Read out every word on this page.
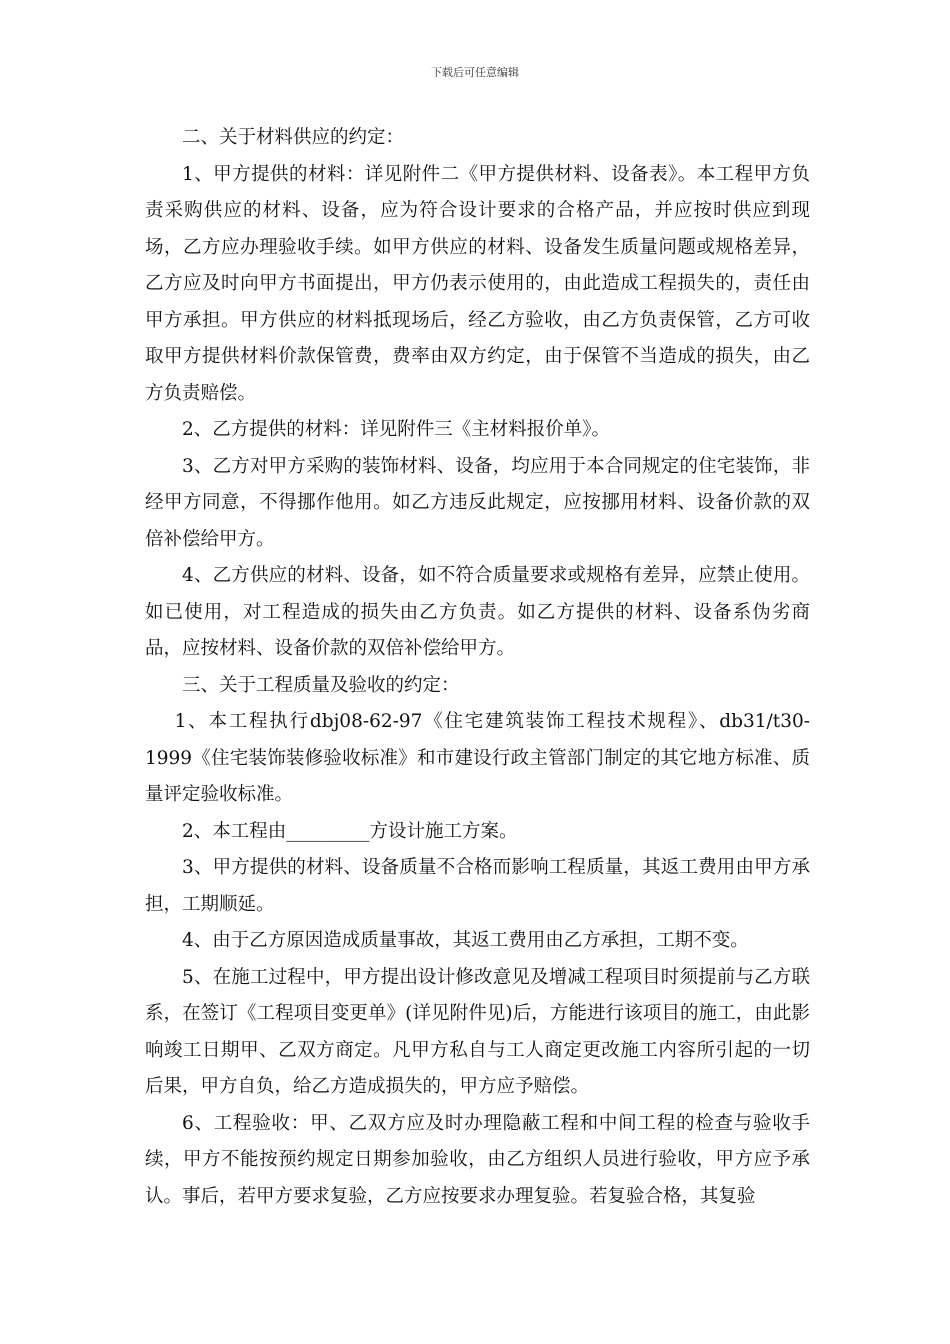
下载后可任意编辑

二、关于材料供应的约定：

1、甲方提供的材料：详见附件二《甲方提供材料、设备表》。本工程甲方负责采购供应的材料、设备，应为符合设计要求的合格产品，并应按时供应到现场，乙方应办理验收手续。如甲方供应的材料、设备发生质量问题或规格差异，乙方应及时向甲方书面提出，甲方仍表示使用的，由此造成工程损失的，责任由甲方承担。甲方供应的材料抵现场后，经乙方验收，由乙方负责保管，乙方可收取甲方提供材料价款保管费，费率由双方约定，由于保管不当造成的损失，由乙方负责赔偿。

2、乙方提供的材料：详见附件三《主材料报价单》。

3、乙方对甲方采购的装饰材料、设备，均应用于本合同规定的住宅装饰，非经甲方同意，不得挪作他用。如乙方违反此规定，应按挪用材料、设备价款的双倍补偿给甲方。

4、乙方供应的材料、设备，如不符合质量要求或规格有差异，应禁止使用。如已使用，对工程造成的损失由乙方负责。如乙方提供的材料、设备系伪劣商品，应按材料、设备价款的双倍补偿给甲方。

三、关于工程质量及验收的约定：

1、本工程执行dbj08-62-97《住宅建筑装饰工程技术规程》、db31/t30-1999《住宅装饰装修验收标准》和市建设行政主管部门制定的其它地方标准、质量评定验收标准。

2、本工程由_________方设计施工方案。

3、甲方提供的材料、设备质量不合格而影响工程质量，其返工费用由甲方承担，工期顺延。

4、由于乙方原因造成质量事故，其返工费用由乙方承担，工期不变。

5、在施工过程中，甲方提出设计修改意见及增减工程项目时须提前与乙方联系，在签订《工程项目变更单》(详见附件见)后，方能进行该项目的施工，由此影响竣工日期甲、乙双方商定。凡甲方私自与工人商定更改施工内容所引起的一切后果，甲方自负，给乙方造成损失的，甲方应予赔偿。

6、工程验收：甲、乙双方应及时办理隐蔽工程和中间工程的检查与验收手续，甲方不能按预约规定日期参加验收，由乙方组织人员进行验收，甲方应予承认。事后，若甲方要求复验，乙方应按要求办理复验。若复验合格，其复验
